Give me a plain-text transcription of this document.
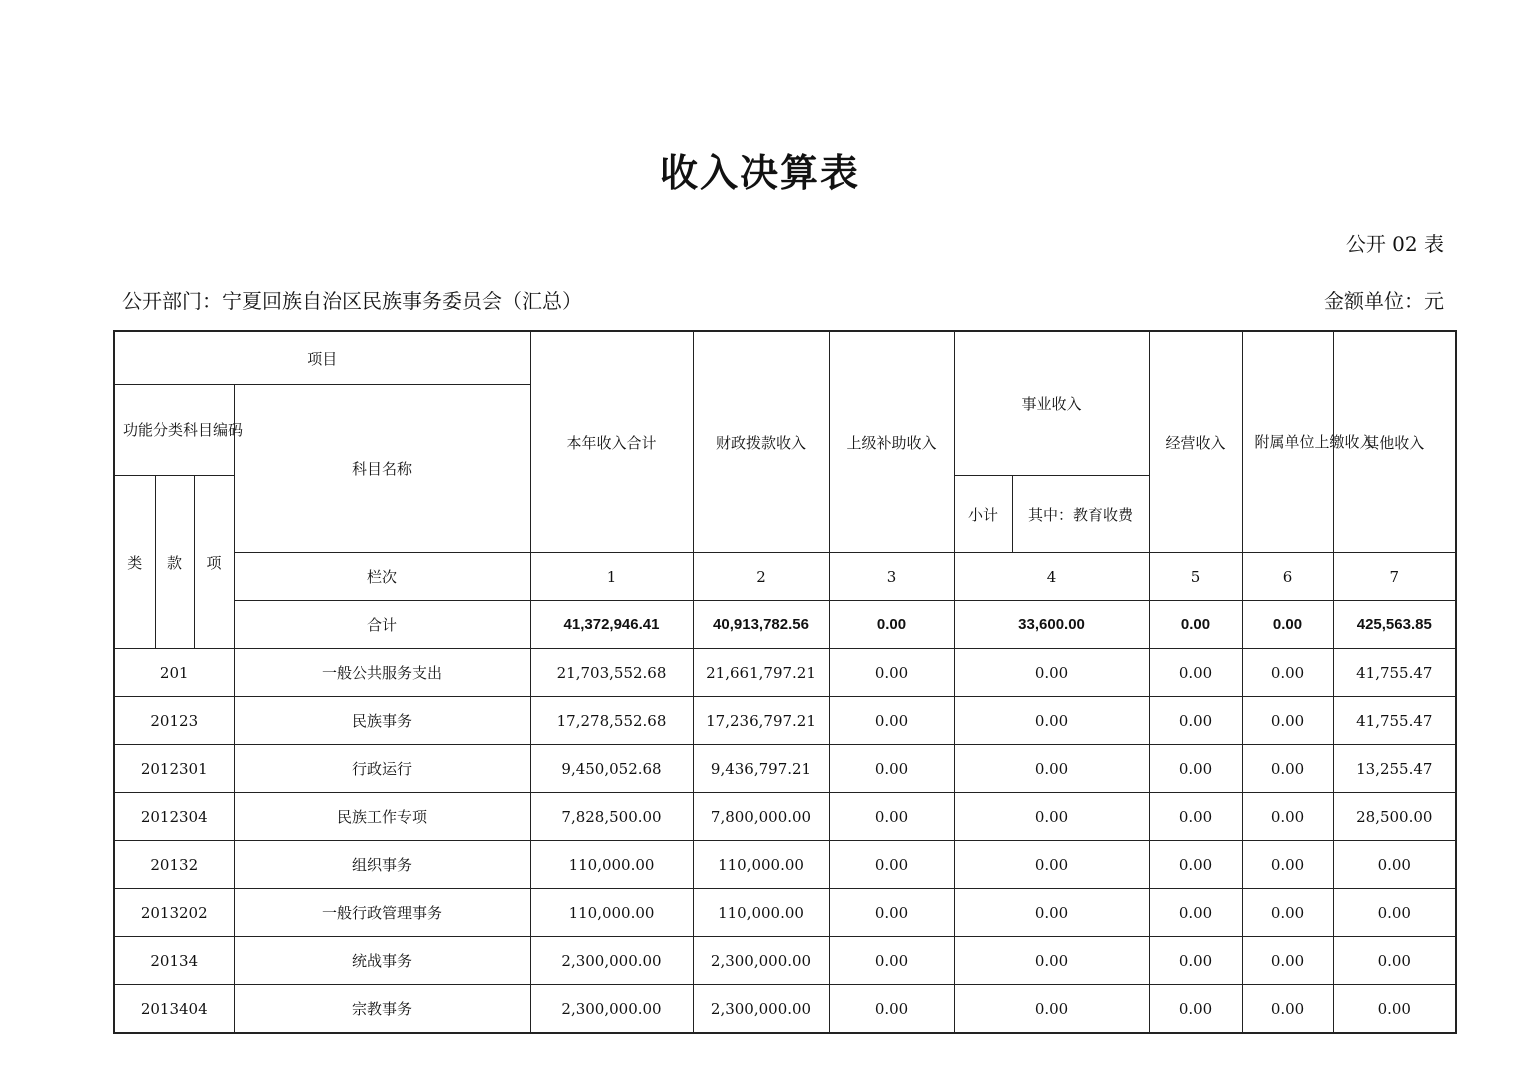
收入决算表
公开 02 表
公开部门：宁夏回族自治区民族事务委员会（汇总）	金额单位：元
项目				本年收入合计	财政拨款收入	上级补助收入	事业收入		经营收入	附属单位上缴收入	其他收入
功能分类科目编码			科目名称								
类	款	项					小计	其中：教育收费			
			栏次	1	2	3	4		5	6	7
			合计	41,372,946.41	40,913,782.56	0.00	33,600.00		0.00	0.00	425,563.85
201			一般公共服务支出	21,703,552.68	21,661,797.21	0.00	0.00		0.00	0.00	41,755.47
20123			民族事务	17,278,552.68	17,236,797.21	0.00	0.00		0.00	0.00	41,755.47
2012301			行政运行	9,450,052.68	9,436,797.21	0.00	0.00		0.00	0.00	13,255.47
2012304			民族工作专项	7,828,500.00	7,800,000.00	0.00	0.00		0.00	0.00	28,500.00
20132			组织事务	110,000.00	110,000.00	0.00	0.00		0.00	0.00	0.00
2013202			一般行政管理事务	110,000.00	110,000.00	0.00	0.00		0.00	0.00	0.00
20134			统战事务	2,300,000.00	2,300,000.00	0.00	0.00		0.00	0.00	0.00
2013404			宗教事务	2,300,000.00	2,300,000.00	0.00	0.00		0.00	0.00	0.00
